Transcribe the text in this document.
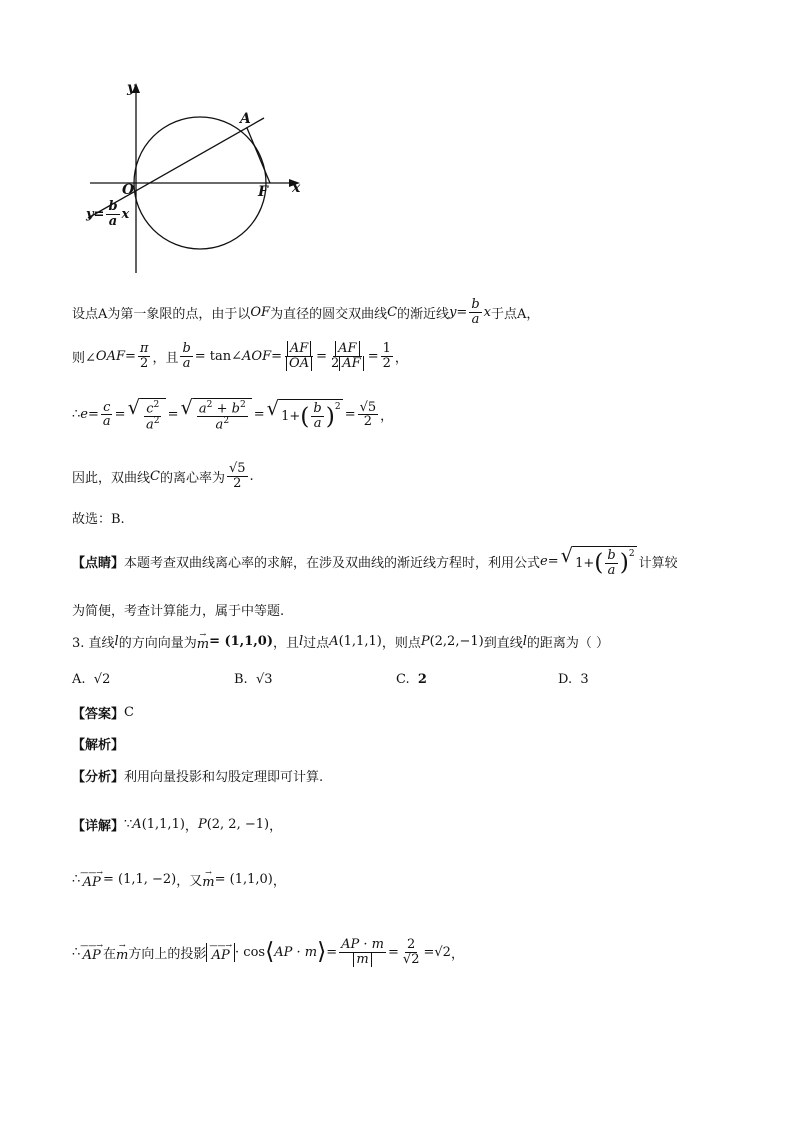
y
x
A
O	F
$y= \frac{b}{a}$ x
设点A为第一象限的点，由于以 OF 为直径的圆交双曲线 C 的渐近线 $y = \frac{b}{a}$ x 于点A，
则∠ OAF = $\frac{\pi}{2}$ ，且 $\frac{b}{a}$ = tan∠ AOF = $\frac{AF}{OA} = \frac{AF}{2 AF} = \frac{1}{2}$ ，
∴ $e = \frac{c}{a}$ = √ $\frac{c^2}{a^2}$ = √ $\frac{a^2 + b^2}{a^2}$ = √ 1+ ( $\frac{b}{a} )^2$
= $\frac{√5}{2}$ ，
因此，双曲线 C 的离心率为 $\frac{√5}{2}$ .
故选：B.
【点睛】 本题考查双曲线离心率的求解，在涉及双曲线的渐近线方程时，利用公式 e = √ 1+ ( $\frac{b}{a} )^2$
计算较
为简便，考查计算能力，属于中等题.
3. 直线 l 的方向向量为
→
m = (1,1,0) ，且 l 过点 A (1,1,1) ，则点 P (2,2,−1) 到直线 l 的距离为（ ）
A. √2	B. √3	C. 2	D. 3
【答案】 C
【解析】
【分析】 利用向量投影和勾股定理即可计算.
【详解】 ∵ A (1,1,1) ， P (2, 2, −1) ，
∴ ——→
AP = (1,1, −2) ，又
→
m = (1,1,0) ，
∴ ——→
AP 在
→
m 方向上的投影
——→
AP · cos ⟨ AP · m ⟩ = $\frac{AP \cdot m}{m} = \frac{2}{√2} = √2$ ，
